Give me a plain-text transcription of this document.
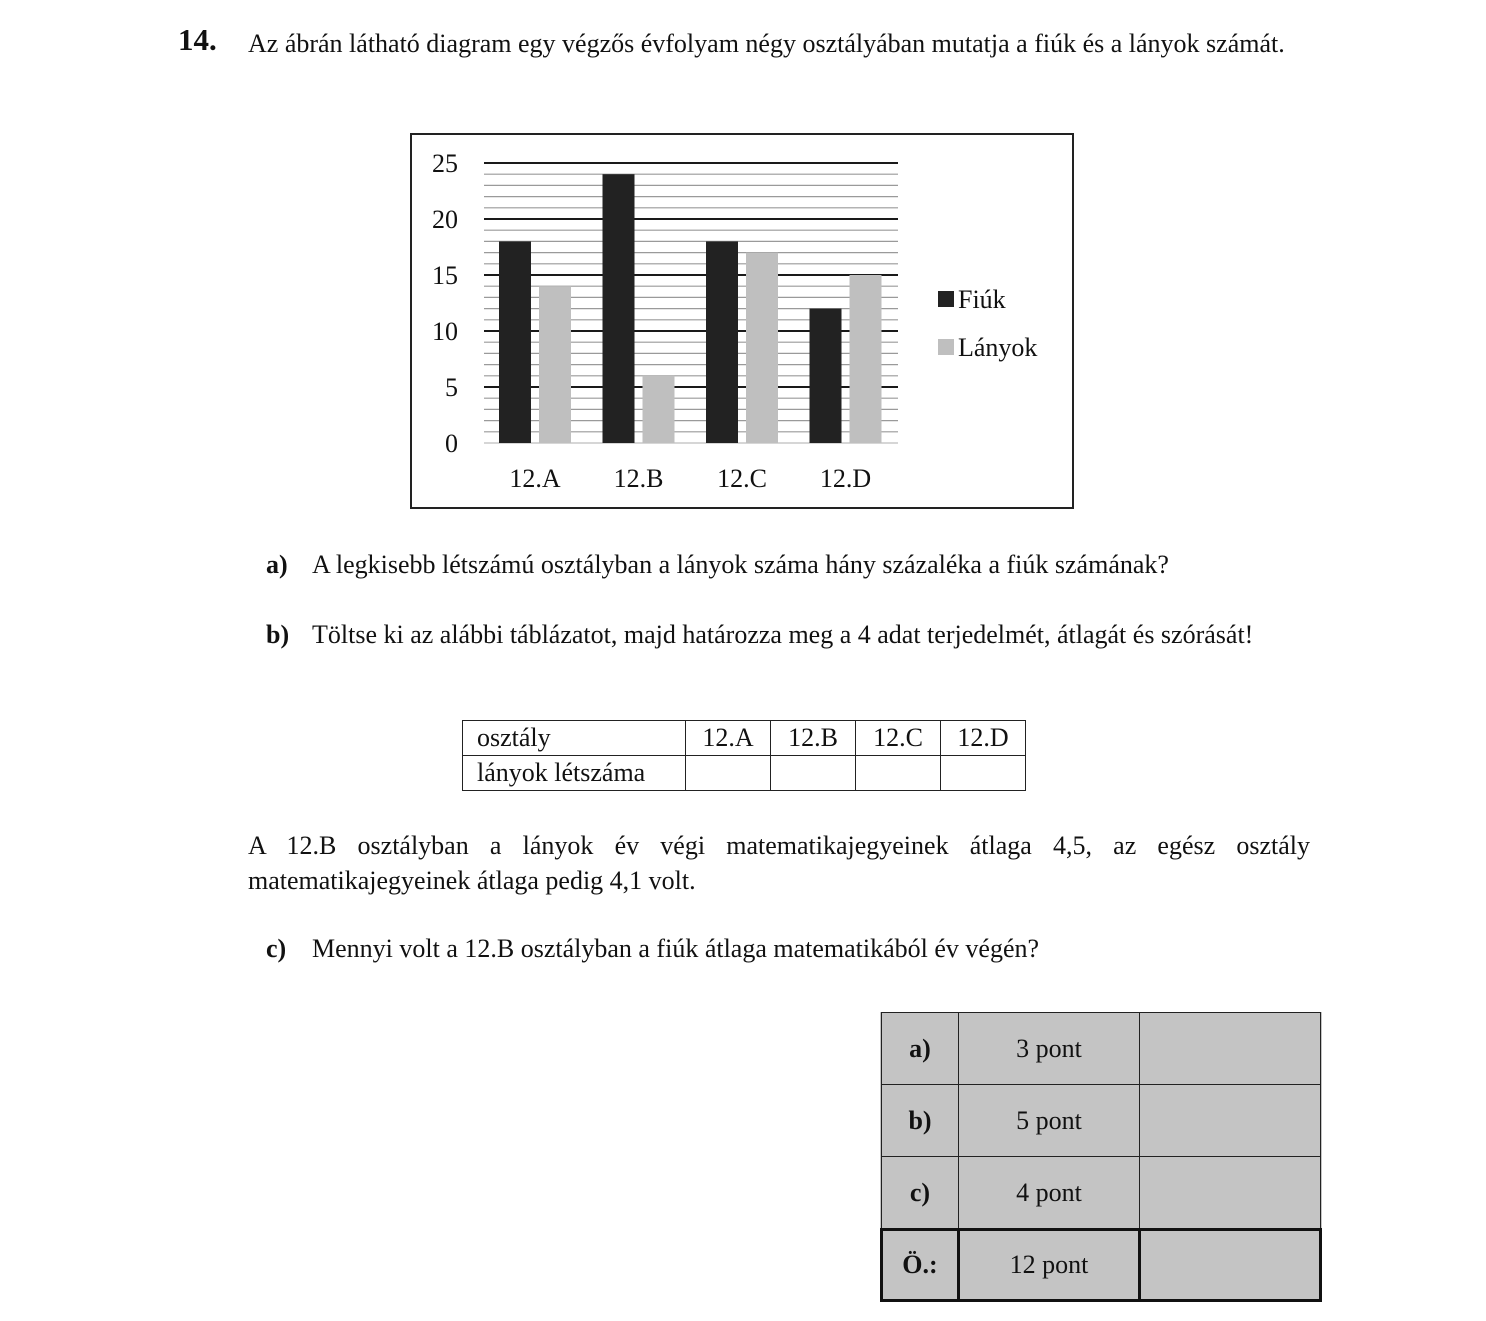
14. Az ábrán látható diagram egy végzős évfolyam négy osztályában mutatja a fiúk és a lányok számát.
0
5
10
15
20
25
12.A 12.B 12.C 12.D
Fiúk
Lányok
a) A legkisebb létszámú osztályban a lányok száma hány százaléka a fiúk számának?
b) Töltse ki az alábbi táblázatot, majd határozza meg a 4 adat terjedelmét, átlagát és szórását!
osztály	12.A	12.B	12.C	12.D
lányok létszáma				
A 12.B osztályban a lányok év végi matematikajegyeinek átlaga 4,5, az egész osztály matematikajegyeinek átlaga pedig 4,1 volt.
c) Mennyi volt a 12.B osztályban a fiúk átlaga matematikából év végén?
a)	3 pont	
b)	5 pont	
c)	4 pont	
Ö.:	12 pont	
